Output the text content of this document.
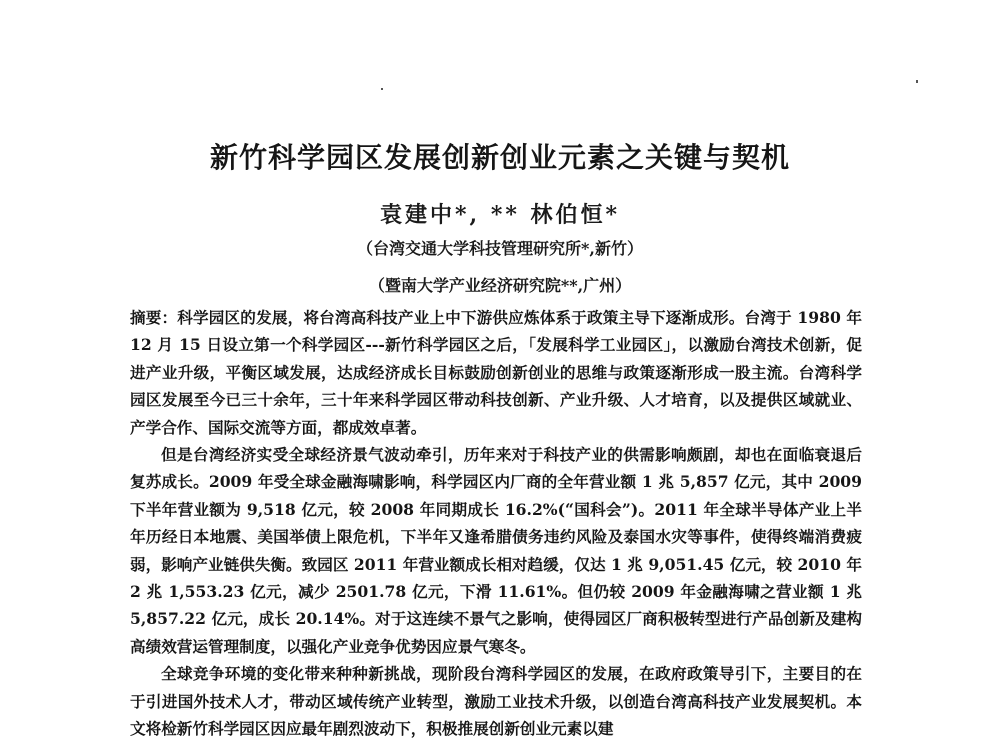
新竹科学园区发展创新创业元素之关键与契机
袁建中*, ** 林伯恒*
（台湾交通大学科技管理研究所*,新竹）
（暨南大学产业经济研究院**,广州）

摘要：科学园区的发展，将台湾高科技产业上中下游供应炼体系于政策主导下逐渐成形。台湾于 1980 年 12 月 15 日设立第一个科学园区---新竹科学园区之后，「发展科学工业园区」，以激励台湾技术创新，促进产业升级，平衡区域发展，达成经济成长目标鼓励创新创业的思维与政策逐渐形成一股主流。台湾科学园区发展至今已三十余年，三十年来科学园区带动科技创新、产业升级、人才培育，以及提供区域就业、产学合作、国际交流等方面，都成效卓著。

但是台湾经济实受全球经济景气波动牵引，历年来对于科技产业的供需影响颇剧，却也在面临衰退后复苏成长。2009 年受全球金融海啸影响，科学园区内厂商的全年营业额 1 兆 5,857 亿元，其中 2009 下半年营业额为 9,518 亿元，较 2008 年同期成长 16.2%(“国科会”)。2011 年全球半导体产业上半年历经日本地震、美国举债上限危机，下半年又逢希腊债务违约风险及泰国水灾等事件，使得终端消费疲弱，影响产业链供失衡。致园区 2011 年营业额成长相对趋缓，仅达 1 兆 9,051.45 亿元，较 2010 年 2 兆 1,553.23 亿元，减少 2501.78 亿元，下滑 11.61%。但仍较 2009 年金融海啸之营业额 1 兆 5,857.22 亿元，成长 20.14%。对于这连续不景气之影响，使得园区厂商积极转型进行产品创新及建构高绩效营运管理制度，以强化产业竞争优势因应景气寒冬。

全球竞争环境的变化带来种种新挑战，现阶段台湾科学园区的发展，在政府政策导引下，主要目的在于引进国外技术人才，带动区域传统产业转型，激励工业技术升级，以创造台湾高科技产业发展契机。本文将检新竹科学园区因应最年剧烈波动下，积极推展创新创业元素以建
